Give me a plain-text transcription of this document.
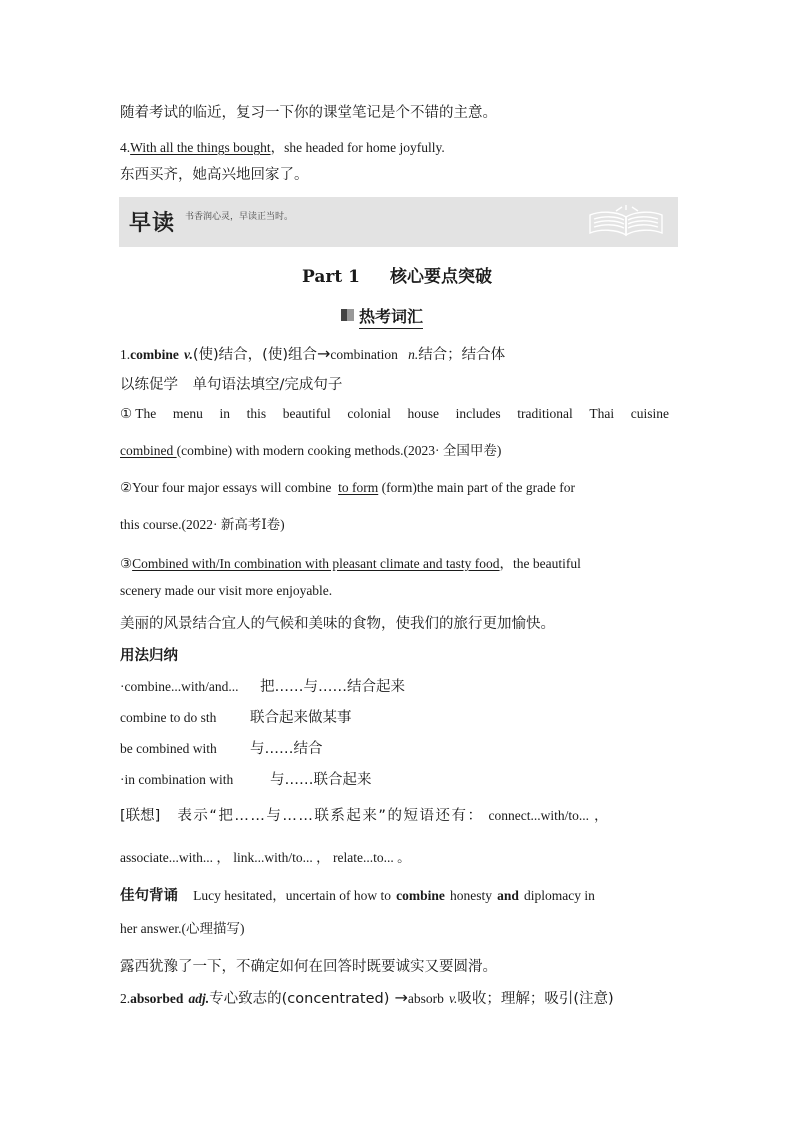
随着考试的临近，复习一下你的课堂笔记是个不错的主意。
4.With all the things bought，she headed for home joyfully.
东西买齐，她高兴地回家了。
早读 书香润心灵，早读正当时。
Part 1 核心要点突破
热考词汇
1.combine v.(使)结合，(使)组合→combination n.结合；结合体
以练促学　单句语法填空/完成句子
① The menu in this beautiful colonial house includes traditional Thai cuisine
combined (combine) with modern cooking methods.(2023· 全国甲卷)
②Your four major essays will combine to form (form)the main part of the grade for
this course.(2022· 新高考Ⅰ卷)
③Combined with/In combination with pleasant climate and tasty food，the beautiful
scenery made our visit more enjoyable.
美丽的风景结合宜人的气候和美味的食物，使我们的旅行更加愉快。
用法归纳
·combine...with/and... 把……与……结合起来
combine to do sth 联合起来做某事
be combined with 与……结合
·in combination with	与……联合起来
[联想] 表示“把……与……联系起来”的短语还有： connect...with/to... ，
associate...with... ， link...with/to... ， relate...to... 。
佳句背诵 Lucy hesitated，uncertain of how to combine honesty and diplomacy in
her answer.(心理描写)
露西犹豫了一下，不确定如何在回答时既要诚实又要圆滑。
2.absorbed adj.专心致志的(concentrated) →absorb v.吸收；理解；吸引(注意)
